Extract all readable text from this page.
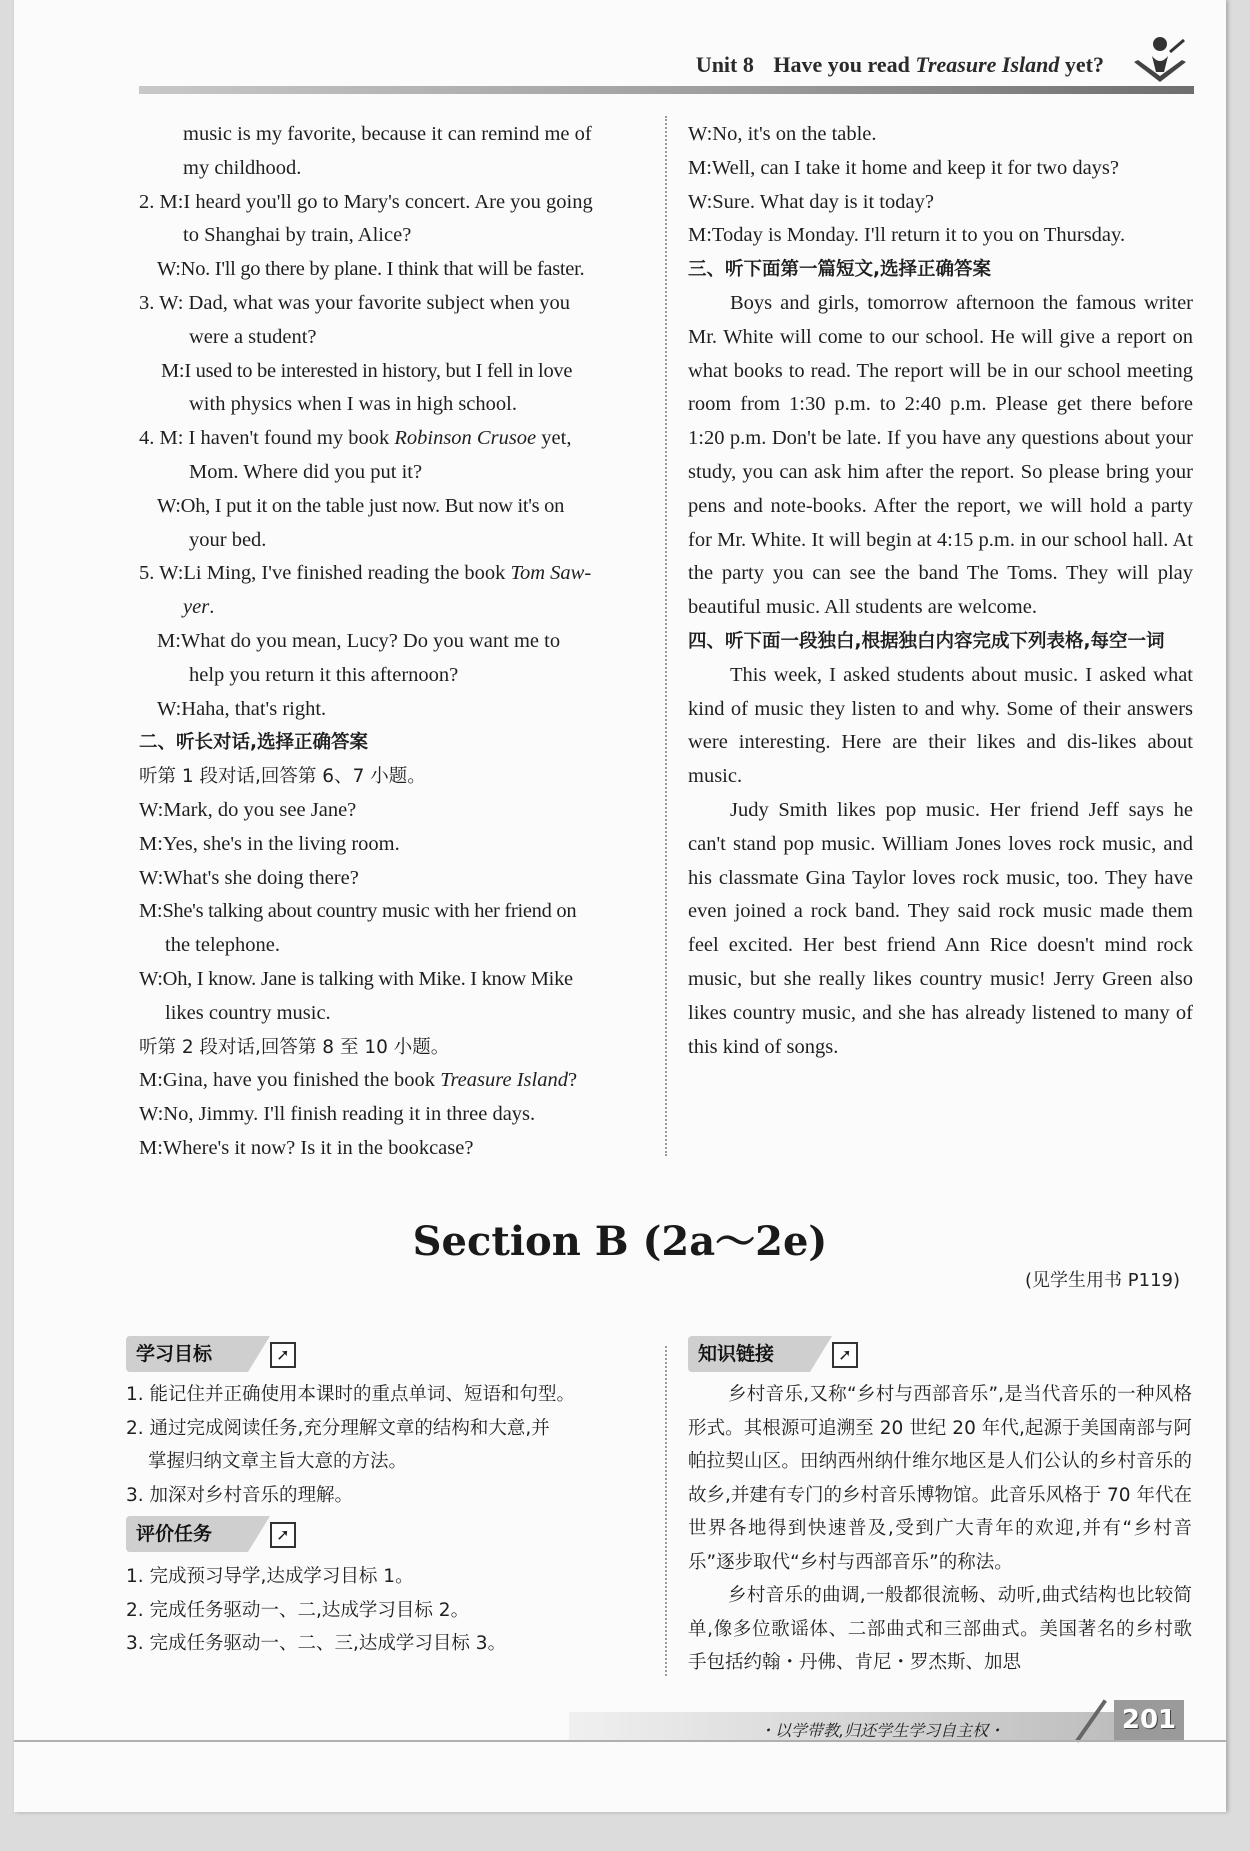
Unit 8 Have you read Treasure Island yet?

music is my favorite, because it can remind me of

my childhood.

2. M:I heard you'll go to Mary's concert. Are you going

to Shanghai by train, Alice?

W:No. I'll go there by plane. I think that will be faster.

3. W: Dad, what was your favorite subject when you

were a student?

M:I used to be interested in history, but I fell in love

with physics when I was in high school.

4. M: I haven't found my book Robinson Crusoe yet,

Mom. Where did you put it?

W:Oh, I put it on the table just now. But now it's on

your bed.

5. W:Li Ming, I've finished reading the book Tom Saw-

yer.

M:What do you mean, Lucy? Do you want me to

help you return it this afternoon?

W:Haha, that's right.

二、听长对话,选择正确答案

听第 1 段对话,回答第 6、7 小题。

W:Mark, do you see Jane?

M:Yes, she's in the living room.

W:What's she doing there?

M:She's talking about country music with her friend on

the telephone.

W:Oh, I know. Jane is talking with Mike. I know Mike

likes country music.

听第 2 段对话,回答第 8 至 10 小题。

M:Gina, have you finished the book Treasure Island?

W:No, Jimmy. I'll finish reading it in three days.

M:Where's it now? Is it in the bookcase?

W:No, it's on the table.

M:Well, can I take it home and keep it for two days?

W:Sure. What day is it today?

M:Today is Monday. I'll return it to you on Thursday.

三、听下面第一篇短文,选择正确答案

Boys and girls, tomorrow afternoon the famous writer Mr. White will come to our school. He will give a report on what books to read. The report will be in our school meeting room from 1:30 p.m. to 2:40 p.m. Please get there before 1:20 p.m. Don't be late. If you have any questions about your study, you can ask him after the report. So please bring your pens and note-books. After the report, we will hold a party for Mr. White. It will begin at 4:15 p.m. in our school hall. At the party you can see the band The Toms. They will play beautiful music. All students are welcome.

四、听下面一段独白,根据独白内容完成下列表格,每空一词

This week, I asked students about music. I asked what kind of music they listen to and why. Some of their answers were interesting. Here are their likes and dis-likes about music.

Judy Smith likes pop music. Her friend Jeff says he can't stand pop music. William Jones loves rock music, and his classmate Gina Taylor loves rock music, too. They have even joined a rock band. They said rock music made them feel excited. Her best friend Ann Rice doesn't mind rock music, but she really likes country music! Jerry Green also likes country music, and she has already listened to many of this kind of songs.

Section B (2a～2e)
(见学生用书 P119)
学习目标	➚

1. 能记住并正确使用本课时的重点单词、短语和句型。

2. 通过完成阅读任务,充分理解文章的结构和大意,并

掌握归纳文章主旨大意的方法。

3. 加深对乡村音乐的理解。

评价任务	➚

1. 完成预习导学,达成学习目标 1。

2. 完成任务驱动一、二,达成学习目标 2。

3. 完成任务驱动一、二、三,达成学习目标 3。

知识链接	➚

乡村音乐,又称“乡村与西部音乐”,是当代音乐的一种风格形式。其根源可追溯至 20 世纪 20 年代,起源于美国南部与阿帕拉契山区。田纳西州纳什维尔地区是人们公认的乡村音乐的故乡,并建有专门的乡村音乐博物馆。此音乐风格于 70 年代在世界各地得到快速普及,受到广大青年的欢迎,并有“乡村音乐”逐步取代“乡村与西部音乐”的称法。

乡村音乐的曲调,一般都很流畅、动听,曲式结构也比较简单,像多位歌谣体、二部曲式和三部曲式。美国著名的乡村歌手包括约翰・丹佛、肯尼・罗杰斯、加思

・以学带教,归还学生学习自主权・	201
